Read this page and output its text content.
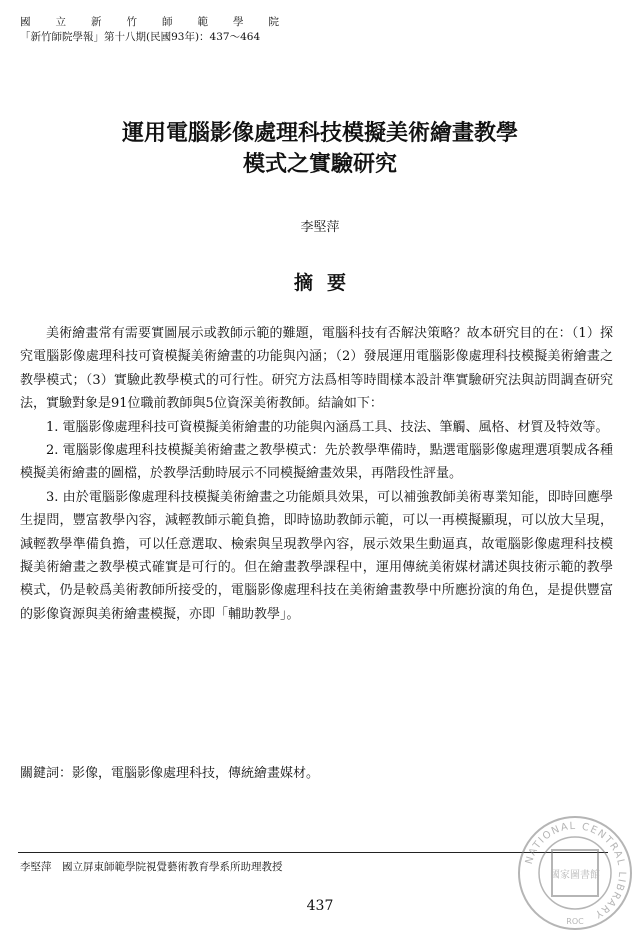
國立新竹師範學院
「新竹師院學報」第十八期(民國93年)：437～464
運用電腦影像處理科技模擬美術繪畫教學
模式之實驗研究
李堅萍
摘要

美術繪畫常有需要實圖展示或教師示範的難題，電腦科技有否解決策略？故本研究目的在：（1）探究電腦影像處理科技可資模擬美術繪畫的功能與內涵；（2）發展運用電腦影像處理科技模擬美術繪畫之教學模式；（3）實驗此教學模式的可行性。研究方法爲相等時間樣本設計準實驗研究法與訪問調查研究法，實驗對象是91位職前教師與5位資深美術教師。結論如下：

1. 電腦影像處理科技可資模擬美術繪畫的功能與內涵爲工具、技法、筆觸、風格、材質及特效等。

2. 電腦影像處理科技模擬美術繪畫之教學模式：先於教學準備時，點選電腦影像處理選項製成各種模擬美術繪畫的圖檔，於教學活動時展示不同模擬繪畫效果，再階段性評量。

3. 由於電腦影像處理科技模擬美術繪畫之功能頗具效果，可以補強教師美術專業知能，即時回應學生提問，豐富教學內容，減輕教師示範負擔，即時協助教師示範，可以一再模擬顯現，可以放大呈現，減輕教學準備負擔，可以任意選取、檢索與呈現教學內容，展示效果生動逼真，故電腦影像處理科技模擬美術繪畫之教學模式確實是可行的。但在繪畫教學課程中，運用傳統美術媒材講述與技術示範的教學模式，仍是較爲美術教師所接受的，電腦影像處理科技在美術繪畫教學中所應扮演的角色，是提供豐富的影像資源與美術繪畫模擬，亦即「輔助教學」。

關鍵詞：影像，電腦影像處理科技，傳統繪畫媒材。
李堅萍　國立屏東師範學院視覺藝術教育學系所助理教授
437
NATIONAL CENTRAL LIBRARY
ROC
國家圖書館
